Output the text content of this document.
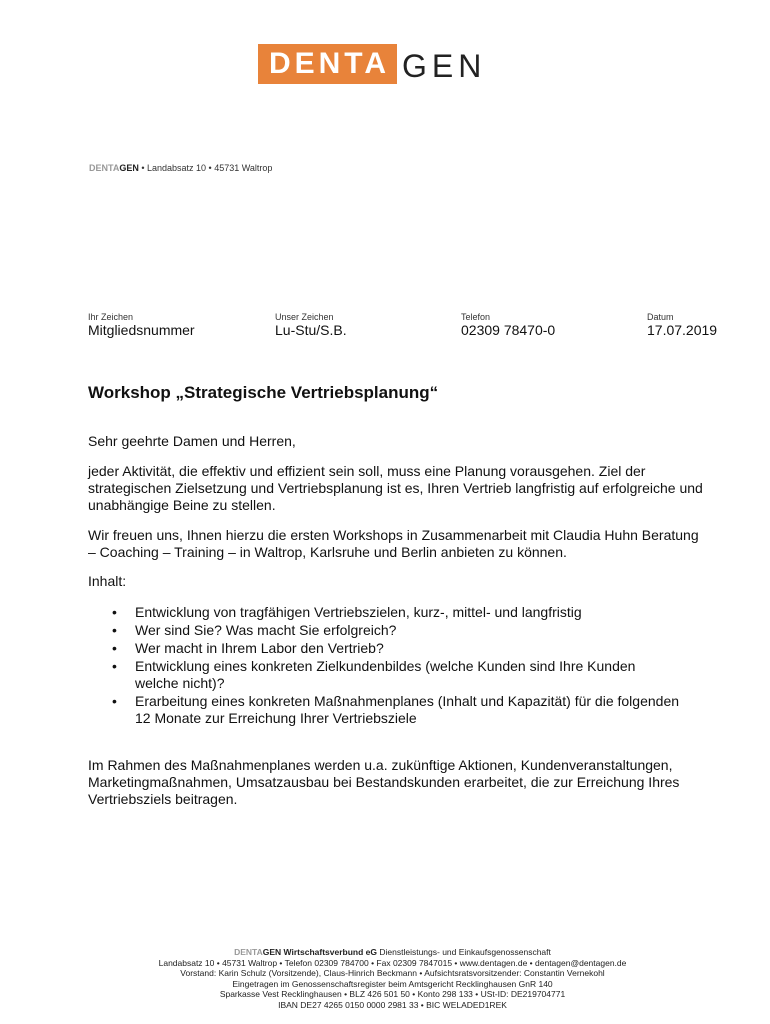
DENTA GEN
DENTAGEN • Landabsatz 10 • 45731 Waltrop
Ihr Zeichen
Mitgliedsnummer
Unser Zeichen
Lu-Stu/S.B.
Telefon
02309 78470-0
Datum
17.07.2019
Workshop „Strategische Vertriebsplanung“

Sehr geehrte Damen und Herren,

jeder Aktivität, die effektiv und effizient sein soll, muss eine Planung vorausgehen. Ziel der strategischen Zielsetzung und Vertriebsplanung ist es, Ihren Vertrieb langfristig auf erfolgreiche und unabhängige Beine zu stellen.

Wir freuen uns, Ihnen hierzu die ersten Workshops in Zusammenarbeit mit Claudia Huhn Beratung – Coaching – Training – in Waltrop, Karlsruhe und Berlin anbieten zu können.

Inhalt:

• Entwicklung von tragfähigen Vertriebszielen, kurz-, mittel- und langfristig
• Wer sind Sie? Was macht Sie erfolgreich?
• Wer macht in Ihrem Labor den Vertrieb?
• Entwicklung eines konkreten Zielkundenbildes (welche Kunden sind Ihre Kunden welche nicht)?
• Erarbeitung eines konkreten Maßnahmenplanes (Inhalt und Kapazität) für die folgenden 12 Monate zur Erreichung Ihrer Vertriebsziele

Im Rahmen des Maßnahmenplanes werden u.a. zukünftige Aktionen, Kundenveranstaltungen, Marketingmaßnahmen, Umsatzausbau bei Bestandskunden erarbeitet, die zur Erreichung Ihres Vertriebsziels beitragen.

DENTAGEN Wirtschaftsverbund eG Dienstleistungs- und Einkaufsgenossenschaft
Landabsatz 10 • 45731 Waltrop • Telefon 02309 784700 • Fax 02309 7847015 • www.dentagen.de • dentagen@dentagen.de
Vorstand: Karin Schulz (Vorsitzende), Claus-Hinrich Beckmann • Aufsichtsratsvorsitzender: Constantin Vernekohl
Eingetragen im Genossenschaftsregister beim Amtsgericht Recklinghausen GnR 140
Sparkasse Vest Recklinghausen • BLZ 426 501 50 • Konto 298 133 • USt-ID: DE219704771
IBAN DE27 4265 0150 0000 2981 33 • BIC WELADED1REK
